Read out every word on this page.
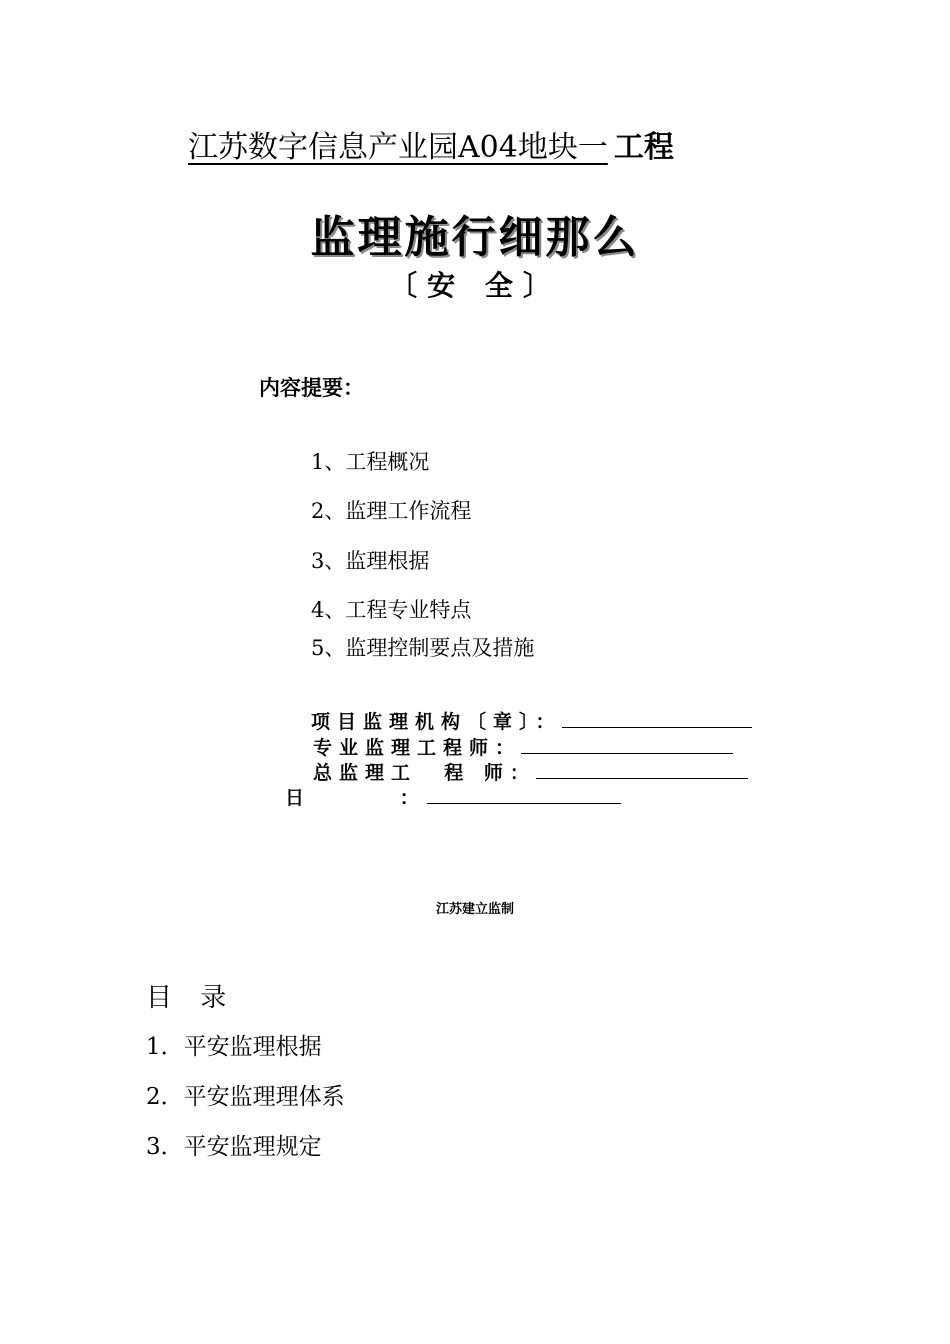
江苏数字信息产业园A04地块一 工程
监理施行细那么
〔安 全〕
内容提要：
1、工程概况
2、监理工作流程
3、监理根据
4、工程专业特点
5、监理控制要点及措施
项目监理机构〔章〕：
专业监理工程师：
总监理工  程 师：
日      ：
江苏建立监制
目 录
1．平安监理根据
2．平安监理理体系
3．平安监理规定
